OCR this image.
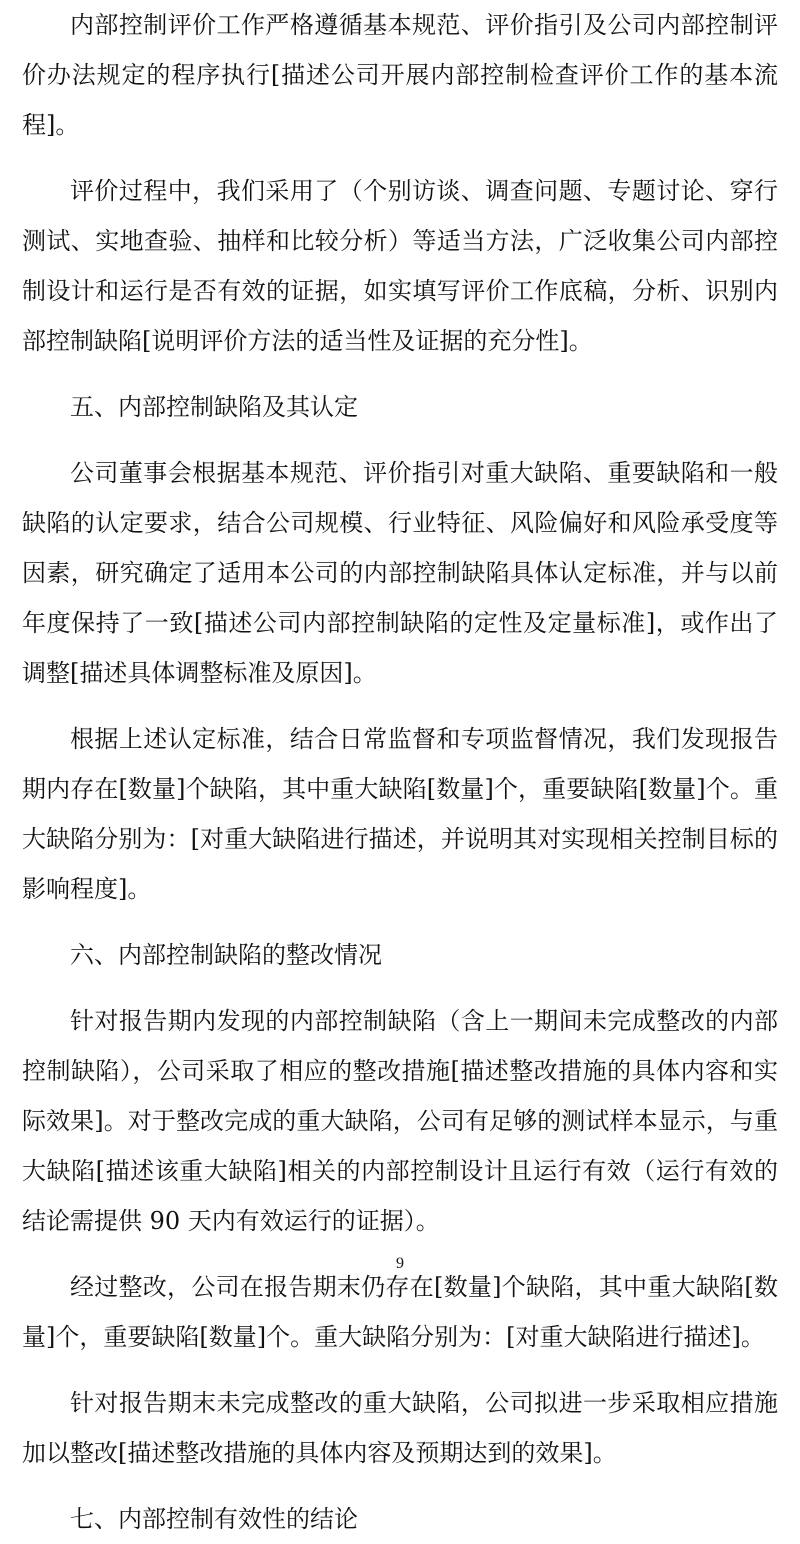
内部控制评价工作严格遵循基本规范、评价指引及公司内部控制评价办法规定的程序执行[描述公司开展内部控制检查评价工作的基本流程]。

评价过程中，我们采用了（个别访谈、调查问题、专题讨论、穿行测试、实地查验、抽样和比较分析）等适当方法，广泛收集公司内部控制设计和运行是否有效的证据，如实填写评价工作底稿，分析、识别内部控制缺陷[说明评价方法的适当性及证据的充分性]。

五、内部控制缺陷及其认定

公司董事会根据基本规范、评价指引对重大缺陷、重要缺陷和一般缺陷的认定要求，结合公司规模、行业特征、风险偏好和风险承受度等因素，研究确定了适用本公司的内部控制缺陷具体认定标准，并与以前年度保持了一致[描述公司内部控制缺陷的定性及定量标准]，或作出了调整[描述具体调整标准及原因]。

根据上述认定标准，结合日常监督和专项监督情况，我们发现报告期内存在[数量]个缺陷，其中重大缺陷[数量]个，重要缺陷[数量]个。重大缺陷分别为：[对重大缺陷进行描述，并说明其对实现相关控制目标的影响程度]。

六、内部控制缺陷的整改情况

针对报告期内发现的内部控制缺陷（含上一期间未完成整改的内部控制缺陷），公司采取了相应的整改措施[描述整改措施的具体内容和实际效果]。对于整改完成的重大缺陷，公司有足够的测试样本显示，与重大缺陷[描述该重大缺陷]相关的内部控制设计且运行有效（运行有效的结论需提供 90 天内有效运行的证据）。

经过整改，公司在报告期末仍存在[数量]个缺陷，其中重大缺陷[数量]个，重要缺陷[数量]个。重大缺陷分别为：[对重大缺陷进行描述]。

针对报告期末未完成整改的重大缺陷，公司拟进一步采取相应措施加以整改[描述整改措施的具体内容及预期达到的效果]。

七、内部控制有效性的结论

9
